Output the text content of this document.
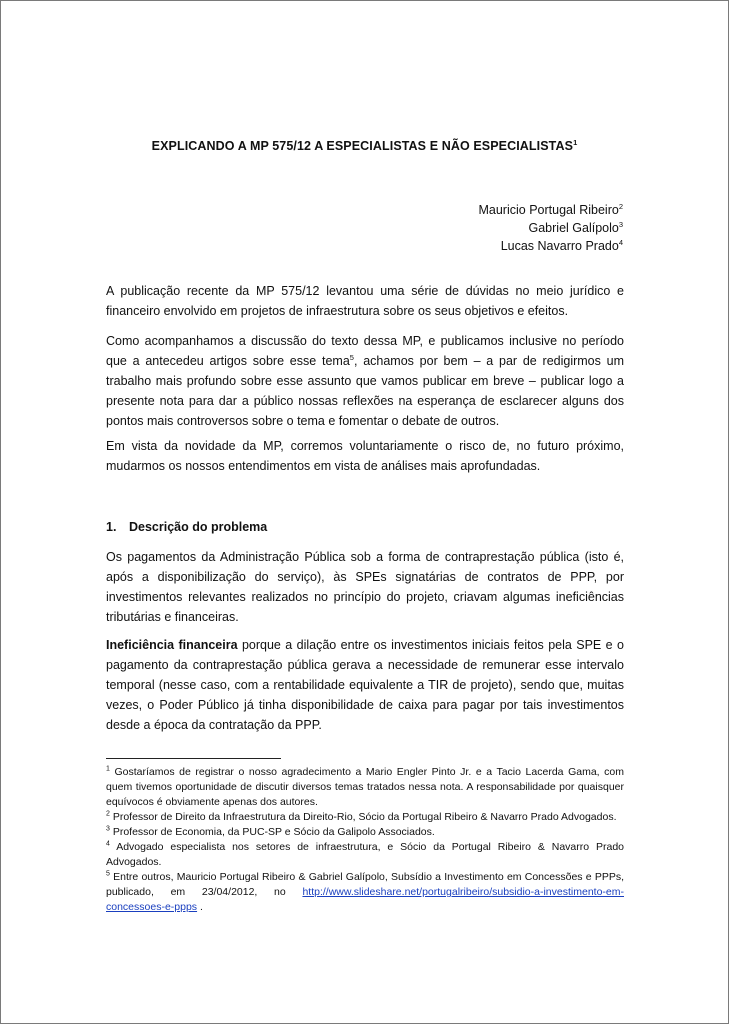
EXPLICANDO A MP 575/12 A ESPECIALISTAS E NÃO ESPECIALISTAS$^1$
Mauricio Portugal Ribeiro$^2$
Gabriel Galípolo$^3$
Lucas Navarro Prado$^4$
A publicação recente da MP 575/12 levantou uma série de dúvidas no meio jurídico e financeiro envolvido em projetos de infraestrutura sobre os seus objetivos e efeitos.
Como acompanhamos a discussão do texto dessa MP, e publicamos inclusive no período que a antecedeu artigos sobre esse tema$^5$, achamos por bem – a par de redigirmos um trabalho mais profundo sobre esse assunto que vamos publicar em breve – publicar logo a presente nota para dar a público nossas reflexões na esperança de esclarecer alguns dos pontos mais controversos sobre o tema e fomentar o debate de outros.
Em vista da novidade da MP, corremos voluntariamente o risco de, no futuro próximo, mudarmos os nossos entendimentos em vista de análises mais aprofundadas.
1. Descrição do problema
Os pagamentos da Administração Pública sob a forma de contraprestação pública (isto é, após a disponibilização do serviço), às SPEs signatárias de contratos de PPP, por investimentos relevantes realizados no princípio do projeto, criavam algumas ineficiências tributárias e financeiras.
Ineficiência financeira porque a dilação entre os investimentos iniciais feitos pela SPE e o pagamento da contraprestação pública gerava a necessidade de remunerar esse intervalo temporal (nesse caso, com a rentabilidade equivalente a TIR de projeto), sendo que, muitas vezes, o Poder Público já tinha disponibilidade de caixa para pagar por tais investimentos desde a época da contratação da PPP.

$^1$ Gostaríamos de registrar o nosso agradecimento a Mario Engler Pinto Jr. e a Tacio Lacerda Gama, com quem tivemos oportunidade de discutir diversos temas tratados nessa nota. A responsabilidade por quaisquer equívocos é obviamente apenas dos autores.

$^2$ Professor de Direito da Infraestrutura da Direito-Rio, Sócio da Portugal Ribeiro & Navarro Prado Advogados.

$^3$ Professor de Economia, da PUC-SP e Sócio da Galipolo Associados.

$^4$ Advogado especialista nos setores de infraestrutura, e Sócio da Portugal Ribeiro & Navarro Prado Advogados.

$^5$ Entre outros, Mauricio Portugal Ribeiro & Gabriel Galípolo, Subsídio a Investimento em Concessões e PPPs,    publicado,    em    23/04/2012,    no    http://www.slideshare.net/portugalribeiro/subsidio-a-investimento-em-concessoes-e-ppps .
